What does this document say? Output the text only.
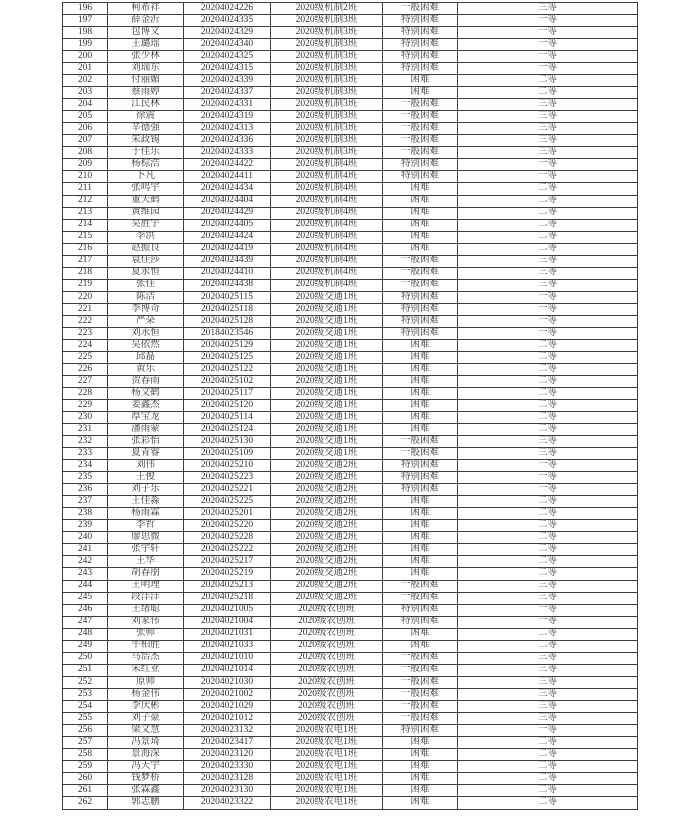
196	柯希祥	20204024226	2020级机制2班	一般困难	三等
197	薛金沂	20204024335	2020级机制3班	特别困难	一等
198	包博文	20204024329	2020级机制3班	特别困难	一等
199	王璐瑶	20204024340	2020级机制3班	特别困难	一等
200	张少林	20204024325	2020级机制3班	特别困难	一等
201	刘瑞东	20204024315	2020级机制3班	特别困难	一等
202	付丽媚	20204024339	2020级机制3班	困难	二等
203	蔡雨婷	20204024337	2020级机制3班	困难	二等
204	江民林	20204024331	2020级机制3班	一般困难	三等
205	徐震	20204024319	2020级机制3班	一般困难	三等
206	辛德强	20204024313	2020级机制3班	一般困难	三等
207	朱政锡	20204024336	2020级机制3班	一般困难	三等
208	于佳乐	20204024333	2020级机制3班	一般困难	三等
209	杨棕浩	20204024422	2020级机制4班	特别困难	一等
210	卜凡	20204024411	2020级机制4班	特别困难	一等
211	张鸣宇	20204024434	2020级机制4班	困难	二等
212	董天鹤	20204024404	2020级机制4班	困难	二等
213	黄维园	20204024429	2020级机制4班	困难	二等
214	吴胜宇	20204024405	2020级机制4班	困难	二等
215	李洪	20204024424	2020级机制4班	困难	二等
216	赵振良	20204024419	2020级机制4班	困难	二等
217	袁佳莎	20204024439	2020级机制4班	一般困难	三等
218	夏永恒	20204024410	2020级机制4班	一般困难	三等
219	张佳	20204024438	2020级机制4班	一般困难	三等
220	陈洁	20204025115	2020级交通1班	特别困难	一等
221	李博奇	20204025118	2020级交通1班	特别困难	一等
222	严朵	20204025128	2020级交通1班	特别困难	一等
223	刘永恒	20184023546	2020级交通1班	特别困难	一等
224	吴依然	20204025129	2020级交通1班	困难	二等
225	邱磊	20204025125	2020级交通1班	困难	二等
226	黄乐	20204025122	2020级交通1班	困难	二等
227	贺春雨	20204025102	2020级交通1班	困难	二等
228	杨文鹤	20204025117	2020级交通1班	困难	二等
229	姜鑫杰	20204025120	2020级交通1班	困难	二等
230	厚宝龙	20204025114	2020级交通1班	困难	二等
231	潘雨蒙	20204025124	2020级交通1班	困难	二等
232	张彩怡	20204025130	2020级交通1班	一般困难	三等
233	夏青睿	20204025109	2020级交通1班	一般困难	三等
234	刘伟	20204025210	2020级交通2班	特别困难	一等
235	王俊	20204025223	2020级交通2班	特别困难	一等
236	刘子乐	20204025221	2020级交通2班	特别困难	一等
237	王佳淼	20204025225	2020级交通2班	困难	二等
238	杨雨霖	20204025201	2020级交通2班	困难	二等
239	李哲	20204025220	2020级交通2班	困难	二等
240	廖思微	20204025228	2020级交通2班	困难	二等
241	张宇轩	20204025222	2020级交通2班	困难	二等
242	王华	20204025217	2020级交通2班	困难	二等
243	胡春朋	20204025219	2020级交通2班	困难	二等
244	王明理	20204025213	2020级交通2班	一般困难	三等
245	段洋洋	20204025218	2020级交通2班	一般困难	三等
246	王绪聪	20204021005	2020级农创班	特别困难	一等
247	刘家伟	20204021004	2020级农创班	特别困难	一等
248	张帅	20204021031	2020级农创班	困难	二等
249	牛柏胜	20204021033	2020级农创班	困难	二等
250	马浩杰	20204021010	2020级农创班	一般困难	三等
251	朱红亚	20204021014	2020级农创班	一般困难	三等
252	原帅	20204021030	2020级农创班	一般困难	三等
253	杨金伟	20204021002	2020级农创班	一般困难	三等
254	李庆彬	20204021029	2020级农创班	一般困难	三等
255	刘子豪	20204021012	2020级农创班	一般困难	三等
256	梁文慧	20204023132	2020级农电1班	特别困难	一等
257	冯景琦	20204023417	2020级农电1班	困难	二等
258	景海深	20204023120	2020级农电1班	困难	二等
259	冯天宇	20204023330	2020级农电1班	困难	二等
260	钱梦桥	20204023128	2020级农电1班	困难	二等
261	张霖鑫	20204023130	2020级农电1班	困难	二等
262	郭志鹏	20204023322	2020级农电1班	困难	二等
